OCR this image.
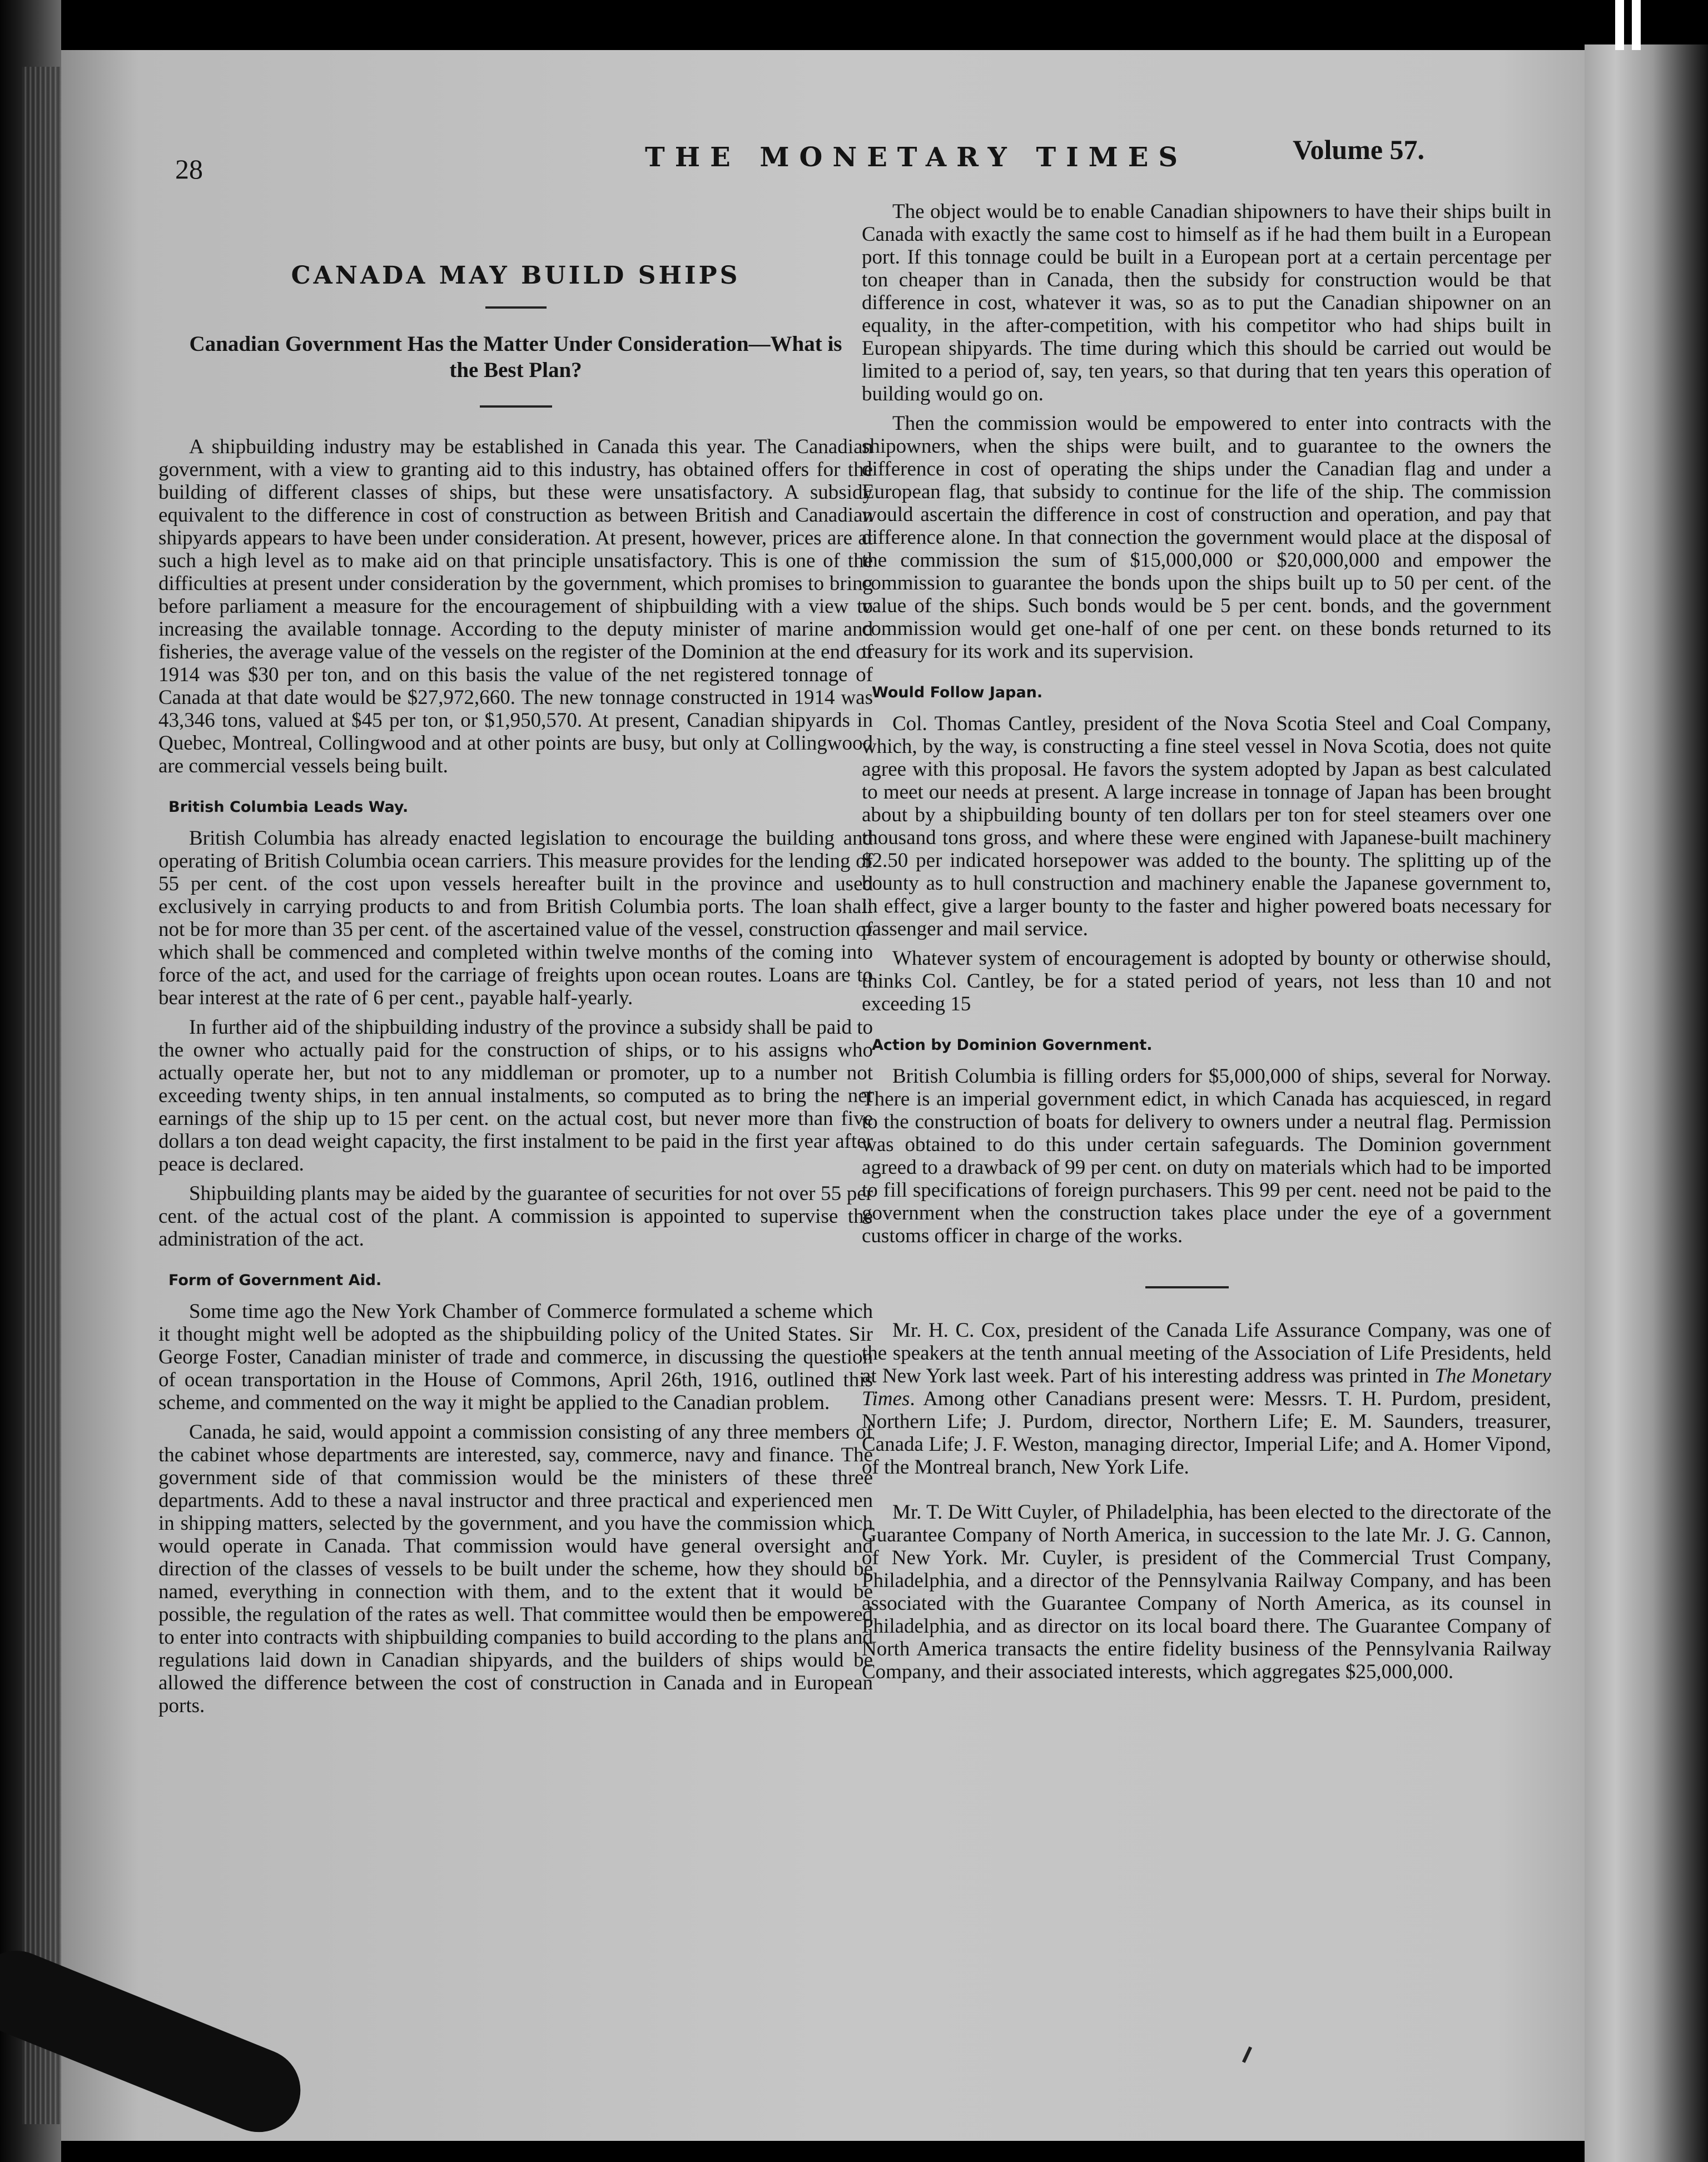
28	THE MONETARY TIMES	Volume 57.
CANADA MAY BUILD SHIPS
Canadian Government Has the Matter Under Consideration—What is the Best Plan?

A shipbuilding industry may be established in Canada this year. The Canadian government, with a view to granting aid to this industry, has obtained offers for the building of different classes of ships, but these were unsatisfactory. A subsidy equivalent to the difference in cost of construction as between British and Canadian shipyards appears to have been under consideration. At present, however, prices are at such a high level as to make aid on that principle unsatisfactory. This is one of the difficulties at present under consideration by the government, which promises to bring before parliament a measure for the encouragement of shipbuilding with a view to increasing the available tonnage. According to the deputy minister of marine and fisheries, the average value of the vessels on the register of the Dominion at the end of 1914 was $30 per ton, and on this basis the value of the net registered tonnage of Canada at that date would be $27,972,660. The new tonnage constructed in 1914 was 43,346 tons, valued at $45 per ton, or $1,950,570. At present, Canadian shipyards in Quebec, Montreal, Collingwood and at other points are busy, but only at Collingwood are commercial vessels being built.

British Columbia Leads Way.

British Columbia has already enacted legislation to encourage the building and operating of British Columbia ocean carriers. This measure provides for the lending of 55 per cent. of the cost upon vessels hereafter built in the province and used exclusively in carrying products to and from British Columbia ports. The loan shall not be for more than 35 per cent. of the ascertained value of the vessel, construction of which shall be commenced and completed within twelve months of the coming into force of the act, and used for the carriage of freights upon ocean routes. Loans are to bear interest at the rate of 6 per cent., payable half-yearly.

In further aid of the shipbuilding industry of the province a subsidy shall be paid to the owner who actually paid for the construction of ships, or to his assigns who actually operate her, but not to any middleman or promoter, up to a number not exceeding twenty ships, in ten annual instalments, so computed as to bring the net earnings of the ship up to 15 per cent. on the actual cost, but never more than five dollars a ton dead weight capacity, the first instalment to be paid in the first year after peace is declared.

Shipbuilding plants may be aided by the guarantee of securities for not over 55 per cent. of the actual cost of the plant. A commission is appointed to supervise the administration of the act.

Form of Government Aid.

Some time ago the New York Chamber of Commerce formulated a scheme which it thought might well be adopted as the shipbuilding policy of the United States. Sir George Foster, Canadian minister of trade and commerce, in discussing the question of ocean transportation in the House of Commons, April 26th, 1916, outlined this scheme, and commented on the way it might be applied to the Canadian problem.

Canada, he said, would appoint a commission consisting of any three members of the cabinet whose departments are interested, say, commerce, navy and finance. The government side of that commission would be the ministers of these three departments. Add to these a naval instructor and three practical and experienced men in shipping matters, selected by the government, and you have the commission which would operate in Canada. That commission would have general oversight and direction of the classes of vessels to be built under the scheme, how they should be named, everything in connection with them, and to the extent that it would be possible, the regulation of the rates as well. That committee would then be empowered to enter into contracts with shipbuilding companies to build according to the plans and regulations laid down in Canadian shipyards, and the builders of ships would be allowed the difference between the cost of construction in Canada and in European ports.

The object would be to enable Canadian shipowners to have their ships built in Canada with exactly the same cost to himself as if he had them built in a European port. If this tonnage could be built in a European port at a certain percentage per ton cheaper than in Canada, then the subsidy for construction would be that difference in cost, whatever it was, so as to put the Canadian shipowner on an equality, in the after-competition, with his competitor who had ships built in European shipyards. The time during which this should be carried out would be limited to a period of, say, ten years, so that during that ten years this operation of building would go on.

Then the commission would be empowered to enter into contracts with the shipowners, when the ships were built, and to guarantee to the owners the difference in cost of operating the ships under the Canadian flag and under a European flag, that subsidy to continue for the life of the ship. The commission would ascertain the difference in cost of construction and operation, and pay that difference alone. In that connection the government would place at the disposal of the commission the sum of $15,000,000 or $20,000,000 and empower the commission to guarantee the bonds upon the ships built up to 50 per cent. of the value of the ships. Such bonds would be 5 per cent. bonds, and the government commission would get one-half of one per cent. on these bonds returned to its treasury for its work and its supervision.

Would Follow Japan.

Col. Thomas Cantley, president of the Nova Scotia Steel and Coal Company, which, by the way, is constructing a fine steel vessel in Nova Scotia, does not quite agree with this proposal. He favors the system adopted by Japan as best calculated to meet our needs at present. A large increase in tonnage of Japan has been brought about by a shipbuilding bounty of ten dollars per ton for steel steamers over one thousand tons gross, and where these were engined with Japanese-built machinery $2.50 per indicated horsepower was added to the bounty. The splitting up of the bounty as to hull construction and machinery enable the Japanese government to, in effect, give a larger bounty to the faster and higher powered boats necessary for passenger and mail service.

Whatever system of encouragement is adopted by bounty or otherwise should, thinks Col. Cantley, be for a stated period of years, not less than 10 and not exceeding 15

Action by Dominion Government.

British Columbia is filling orders for $5,000,000 of ships, several for Norway. There is an imperial government edict, in which Canada has acquiesced, in regard to the construction of boats for delivery to owners under a neutral flag. Permission was obtained to do this under certain safeguards. The Dominion government agreed to a drawback of 99 per cent. on duty on materials which had to be imported to fill specifications of foreign purchasers. This 99 per cent. need not be paid to the government when the construction takes place under the eye of a government customs officer in charge of the works.

Mr. H. C. Cox, president of the Canada Life Assurance Company, was one of the speakers at the tenth annual meeting of the Association of Life Presidents, held at New York last week. Part of his interesting address was printed in The Monetary Times. Among other Canadians present were: Messrs. T. H. Purdom, president, Northern Life; J. Purdom, director, Northern Life; E. M. Saunders, treasurer, Canada Life; J. F. Weston, managing director, Imperial Life; and A. Homer Vipond, of the Montreal branch, New York Life.

Mr. T. De Witt Cuyler, of Philadelphia, has been elected to the directorate of the Guarantee Company of North America, in succession to the late Mr. J. G. Cannon, of New York. Mr. Cuyler, is president of the Commercial Trust Company, Philadelphia, and a director of the Pennsylvania Railway Company, and has been associated with the Guarantee Company of North America, as its counsel in Philadelphia, and as director on its local board there. The Guarantee Company of North America transacts the entire fidelity business of the Pennsylvania Railway Company, and their associated interests, which aggregates $25,000,000.
